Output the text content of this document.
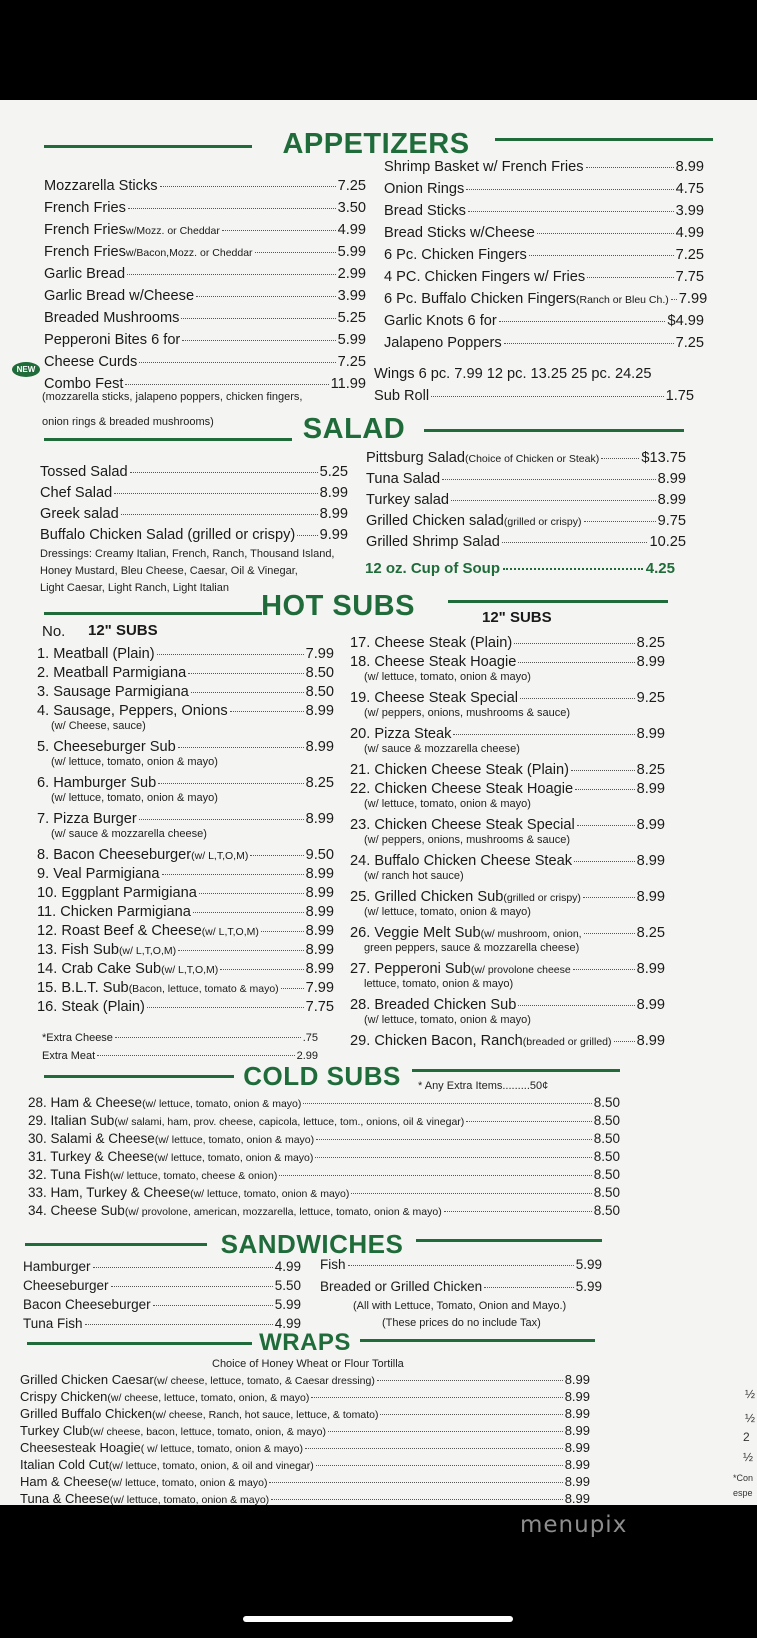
APPETIZERS
SALAD
HOT SUBS
COLD SUBS
SANDWICHES
WRAPS
Mozzarella Sticks	7.25
French Fries	3.50
French Fries w/Mozz. or Cheddar	4.99
French Fries w/Bacon,Mozz. or Cheddar	5.99
Garlic Bread	2.99
Garlic Bread w/Cheese	3.99
Breaded Mushrooms	5.25
Pepperoni Bites 6 for	5.99
Cheese Curds	7.25
Combo Fest	11.99
Shrimp Basket w/ French Fries	8.99
Onion Rings	4.75
Bread Sticks	3.99
Bread Sticks w/Cheese	4.99
6 Pc. Chicken Fingers	7.25
4 PC. Chicken Fingers w/ Fries	7.75
6 Pc. Buffalo Chicken Fingers (Ranch or Bleu Ch.) 7.99
Garlic Knots 6 for	$4.99
Jalapeno Poppers	7.25
NEW
(mozzarella sticks, jalapeno poppers, chicken fingers,
onion rings & breaded mushrooms)
Wings 6 pc. 7.99 12 pc. 13.25 25 pc. 24.25
Sub Roll	1.75
Tossed Salad	5.25
Chef Salad	8.99
Greek salad	8.99
Buffalo Chicken Salad (grilled or crispy) 9.99
Pittsburg Salad (Choice of Chicken or Steak)	$13.75
Tuna Salad	8.99
Turkey salad	8.99
Grilled Chicken salad (grilled or crispy)	9.75
Grilled Shrimp Salad	10.25
Dressings: Creamy Italian, French, Ranch, Thousand Island,
Honey Mustard, Bleu Cheese, Caesar, Oil & Vinegar,
Light Caesar, Light Ranch, Light Italian
12 oz. Cup of Soup	4.25
No. 12" SUBS
12" SUBS
1. Meatball (Plain)	7.99
2. Meatball Parmigiana	8.50
3. Sausage Parmigiana	8.50
4. Sausage, Peppers, Onions	8.99
(w/ Cheese, sauce)
5. Cheeseburger Sub	8.99
(w/ lettuce, tomato, onion & mayo)
6. Hamburger Sub	8.25
(w/ lettuce, tomato, onion & mayo)
7. Pizza Burger	8.99
(w/ sauce & mozzarella cheese)
8. Bacon Cheeseburger (w/ L,T,O,M)	9.50
9. Veal Parmigiana	8.99
10. Eggplant Parmigiana	8.99
11. Chicken Parmigiana	8.99
12. Roast Beef & Cheese (w/ L,T,O,M)	8.99
13. Fish Sub (w/ L,T,O,M)	8.99
14. Crab Cake Sub (w/ L,T,O,M)	8.99
15. B.L.T. Sub (Bacon, lettuce, tomato & mayo) 7.99
16. Steak (Plain)	7.75
17. Cheese Steak (Plain)	8.25
18. Cheese Steak Hoagie	8.99
(w/ lettuce, tomato, onion & mayo)
19. Cheese Steak Special	9.25
(w/ peppers, onions, mushrooms & sauce)
20. Pizza Steak	8.99
(w/ sauce & mozzarella cheese)
21. Chicken Cheese Steak (Plain)	8.25
22. Chicken Cheese Steak Hoagie	8.99
(w/ lettuce, tomato, onion & mayo)
23. Chicken Cheese Steak Special	8.99
(w/ peppers, onions, mushrooms & sauce)
24. Buffalo Chicken Cheese Steak	8.99
(w/ ranch hot sauce)
25. Grilled Chicken Sub (grilled or crispy)	8.99
(w/ lettuce, tomato, onion & mayo)
26. Veggie Melt Sub (w/ mushroom, onion,	8.25
green peppers, sauce & mozzarella cheese)
27. Pepperoni Sub (w/ provolone cheese	8.99
lettuce, tomato, onion & mayo)
28. Breaded Chicken Sub	8.99
(w/ lettuce, tomato, onion & mayo)
29. Chicken Bacon, Ranch (breaded or grilled) 8.99
*Extra Cheese	.75
Extra Meat	2.99
* Any Extra Items.........50¢
28. Ham & Cheese (w/ lettuce, tomato, onion & mayo)	8.50
29. Italian Sub (w/ salami, ham, prov. cheese, capicola, lettuce, tom., onions, oil & vinegar)	8.50
30. Salami & Cheese (w/ lettuce, tomato, onion & mayo)	8.50
31. Turkey & Cheese (w/ lettuce, tomato, onion & mayo)	8.50
32. Tuna Fish (w/ lettuce, tomato, cheese & onion)	8.50
33. Ham, Turkey & Cheese (w/ lettuce, tomato, onion & mayo)	8.50
34. Cheese Sub (w/ provolone, american, mozzarella, lettuce, tomato, onion & mayo)	8.50
Hamburger	4.99
Cheeseburger	5.50
Bacon Cheeseburger	5.99
Tuna Fish	4.99
Fish	5.99
Breaded or Grilled Chicken	5.99
(All with Lettuce, Tomato, Onion and Mayo.)
(These prices do no include Tax)
Choice of Honey Wheat or Flour Tortilla
Grilled Chicken Caesar (w/ cheese, lettuce, tomato, & Caesar dressing)	8.99
Crispy Chicken (w/ cheese, lettuce, tomato, onion, & mayo)	8.99
Grilled Buffalo Chicken (w/ cheese, Ranch, hot sauce, lettuce, & tomato)	8.99
Turkey Club (w/ cheese, bacon, lettuce, tomato, onion, & mayo)	8.99
Cheesesteak Hoagie ( w/ lettuce, tomato, onion & mayo)	8.99
Italian Cold Cut (w/ lettuce, tomato, onion, & oil and vinegar)	8.99
Ham & Cheese (w/ lettuce, tomato, onion & mayo)	8.99
Tuna & Cheese (w/ lettuce, tomato, onion & mayo)	8.99
½
½
2
½
*Con
espe
menupix
